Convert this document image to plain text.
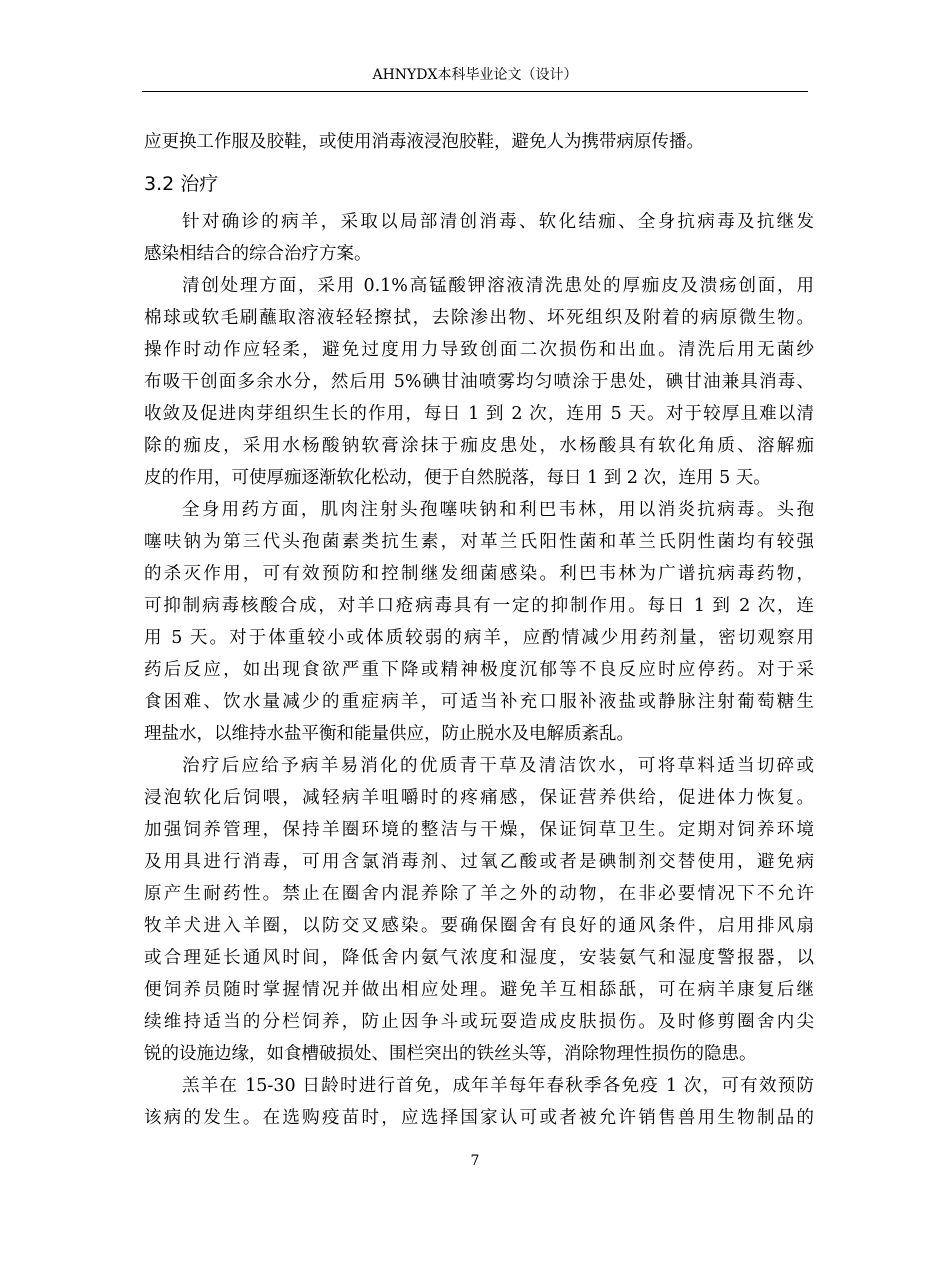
AHNYDX本科毕业论文（设计）
应更换工作服及胶鞋，或使用消毒液浸泡胶鞋，避免人为携带病原传播。
3.2 治疗
针对确诊的病羊，采取以局部清创消毒、软化结痂、全身抗病毒及抗继发
感染相结合的综合治疗方案。
清创处理方面，采用 0.1%高锰酸钾溶液清洗患处的厚痂皮及溃疡创面，用
棉球或软毛刷蘸取溶液轻轻擦拭，去除渗出物、坏死组织及附着的病原微生物。
操作时动作应轻柔，避免过度用力导致创面二次损伤和出血。清洗后用无菌纱
布吸干创面多余水分，然后用 5%碘甘油喷雾均匀喷涂于患处，碘甘油兼具消毒、
收敛及促进肉芽组织生长的作用，每日 1 到 2 次，连用 5 天。对于较厚且难以清
除的痂皮，采用水杨酸钠软膏涂抹于痂皮患处，水杨酸具有软化角质、溶解痂
皮的作用，可使厚痂逐渐软化松动，便于自然脱落，每日 1 到 2 次，连用 5 天。
全身用药方面，肌肉注射头孢噻呋钠和利巴韦林，用以消炎抗病毒。头孢
噻呋钠为第三代头孢菌素类抗生素，对革兰氏阳性菌和革兰氏阴性菌均有较强
的杀灭作用，可有效预防和控制继发细菌感染。利巴韦林为广谱抗病毒药物，
可抑制病毒核酸合成，对羊口疮病毒具有一定的抑制作用。每日 1 到 2 次，连
用 5 天。对于体重较小或体质较弱的病羊，应酌情减少用药剂量，密切观察用
药后反应，如出现食欲严重下降或精神极度沉郁等不良反应时应停药。对于采
食困难、饮水量减少的重症病羊，可适当补充口服补液盐或静脉注射葡萄糖生
理盐水，以维持水盐平衡和能量供应，防止脱水及电解质紊乱。
治疗后应给予病羊易消化的优质青干草及清洁饮水，可将草料适当切碎或
浸泡软化后饲喂，减轻病羊咀嚼时的疼痛感，保证营养供给，促进体力恢复。
加强饲养管理，保持羊圈环境的整洁与干燥，保证饲草卫生。定期对饲养环境
及用具进行消毒，可用含氯消毒剂、过氧乙酸或者是碘制剂交替使用，避免病
原产生耐药性。禁止在圈舍内混养除了羊之外的动物，在非必要情况下不允许
牧羊犬进入羊圈，以防交叉感染。要确保圈舍有良好的通风条件，启用排风扇
或合理延长通风时间，降低舍内氨气浓度和湿度，安装氨气和湿度警报器，以
便饲养员随时掌握情况并做出相应处理。避免羊互相舔舐，可在病羊康复后继
续维持适当的分栏饲养，防止因争斗或玩耍造成皮肤损伤。及时修剪圈舍内尖
锐的设施边缘，如食槽破损处、围栏突出的铁丝头等，消除物理性损伤的隐患。
羔羊在 15-30 日龄时进行首免，成年羊每年春秋季各免疫 1 次，可有效预防
该病的发生。在选购疫苗时，应选择国家认可或者被允许销售兽用生物制品的
7
